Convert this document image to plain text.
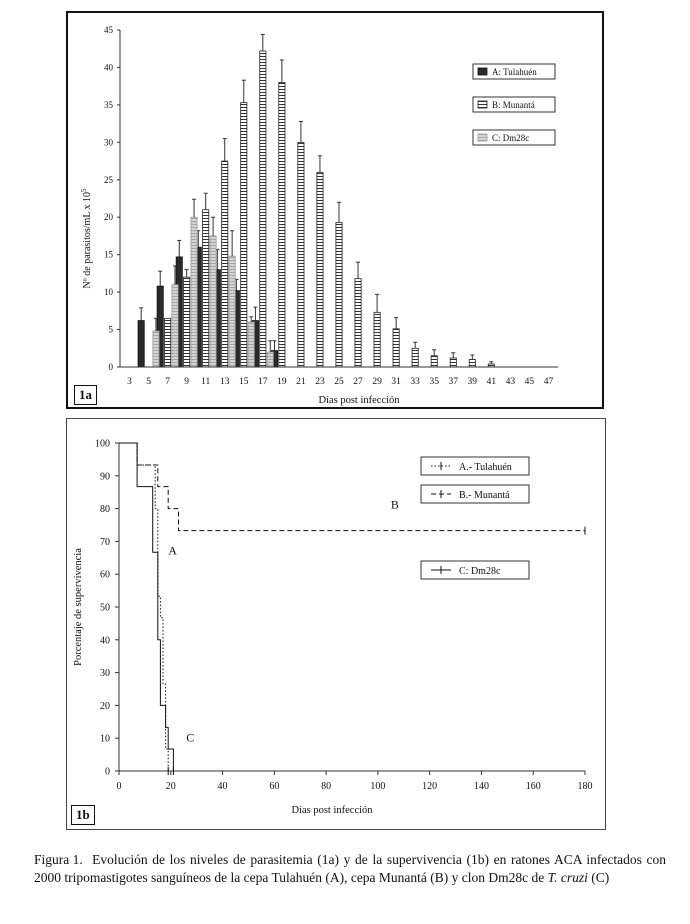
0
5
10
15
20
25
30
35
40
45
3 5 7 9 11 13 15 17 19 21 23 25 27 29 31 33 35 37 39 41 43 45 47
Días post infección
Nº de parasitos/mL x $10^5$
A: Tulahuén
B: Munantá
C: Dm28c
1a
0
10
20
30
40
50
60
70
80
90
100
0	20	40	60	80	100	120	140	160	180
Días post infección
Porcentaje de supervivencia
A.- Tulahuén
B.- Munantá
C: Dm28c
A
B
C
1b
Figura 1. Evolución de los niveles de parasitemia (1a) y de la supervivencia (1b) en ratones ACA infectados con 2000 tripomastigotes sanguíneos de la cepa Tulahuén (A), cepa Munantá (B) y clon Dm28c de T. cruzi (C)
